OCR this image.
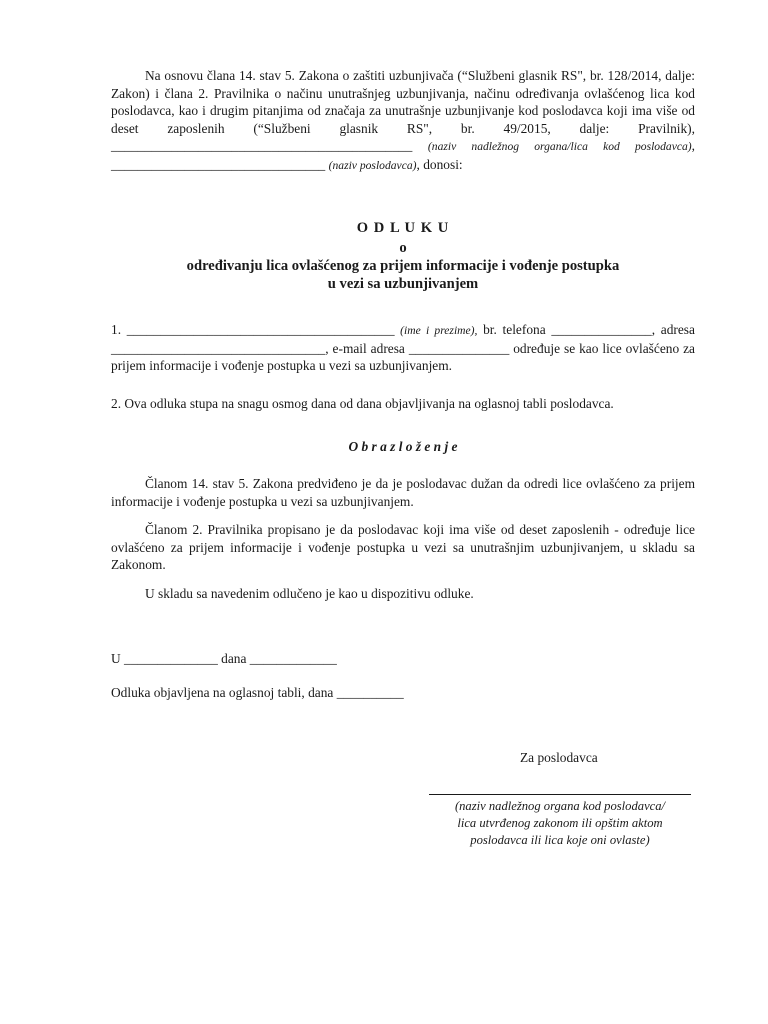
Na osnovu člana 14. stav 5. Zakona o zaštiti uzbunjivača (“Službeni glasnik RS", br. 128/2014, dalje: Zakon) i člana 2. Pravilnika o načinu unutrašnjeg uzbunjivanja, načinu određivanja ovlašćenog lica kod poslodavca, kao i drugim pitanjima od značaja za unutrašnje uzbunjivanje kod poslodavca koji ima više od deset zaposlenih (“Službeni glasnik RS", br. 49/2015, dalje: Pravilnik), _____________________________________________ (naziv nadležnog organa/lica kod poslodavca), ________________________________ (naziv poslodavca), donosi:
O D L U K U
o
određivanju lica ovlašćenog za prijem informacije i vođenje postupka
u vezi sa uzbunjivanjem
1. ________________________________________ (ime i prezime), br. telefona _______________, adresa ________________________________, e-mail adresa _______________ određuje se kao lice ovlašćeno za prijem informacije i vođenje postupka u vezi sa uzbunjivanjem.
2. Ova odluka stupa na snagu osmog dana od dana objavljivanja na oglasnoj tabli poslodavca.
O b r a z l o ž e n j e
Članom 14. stav 5. Zakona predviđeno je da je poslodavac dužan da odredi lice ovlašćeno za prijem informacije i vođenje postupka u vezi sa uzbunjivanjem.
Članom 2. Pravilnika propisano je da poslodavac koji ima više od deset zaposlenih - određuje lice ovlašćeno za prijem informacije i vođenje postupka u vezi sa unutrašnjim uzbunjivanjem, u skladu sa Zakonom.
U skladu sa navedenim odlučeno je kao u dispozitivu odluke.
U ______________ dana _____________
Odluka objavljena na oglasnoj tabli, dana __________
Za poslodavca
(naziv nadležnog organa kod poslodavca/
lica utvrđenog zakonom ili opštim aktom
poslodavca ili lica koje oni ovlaste)
